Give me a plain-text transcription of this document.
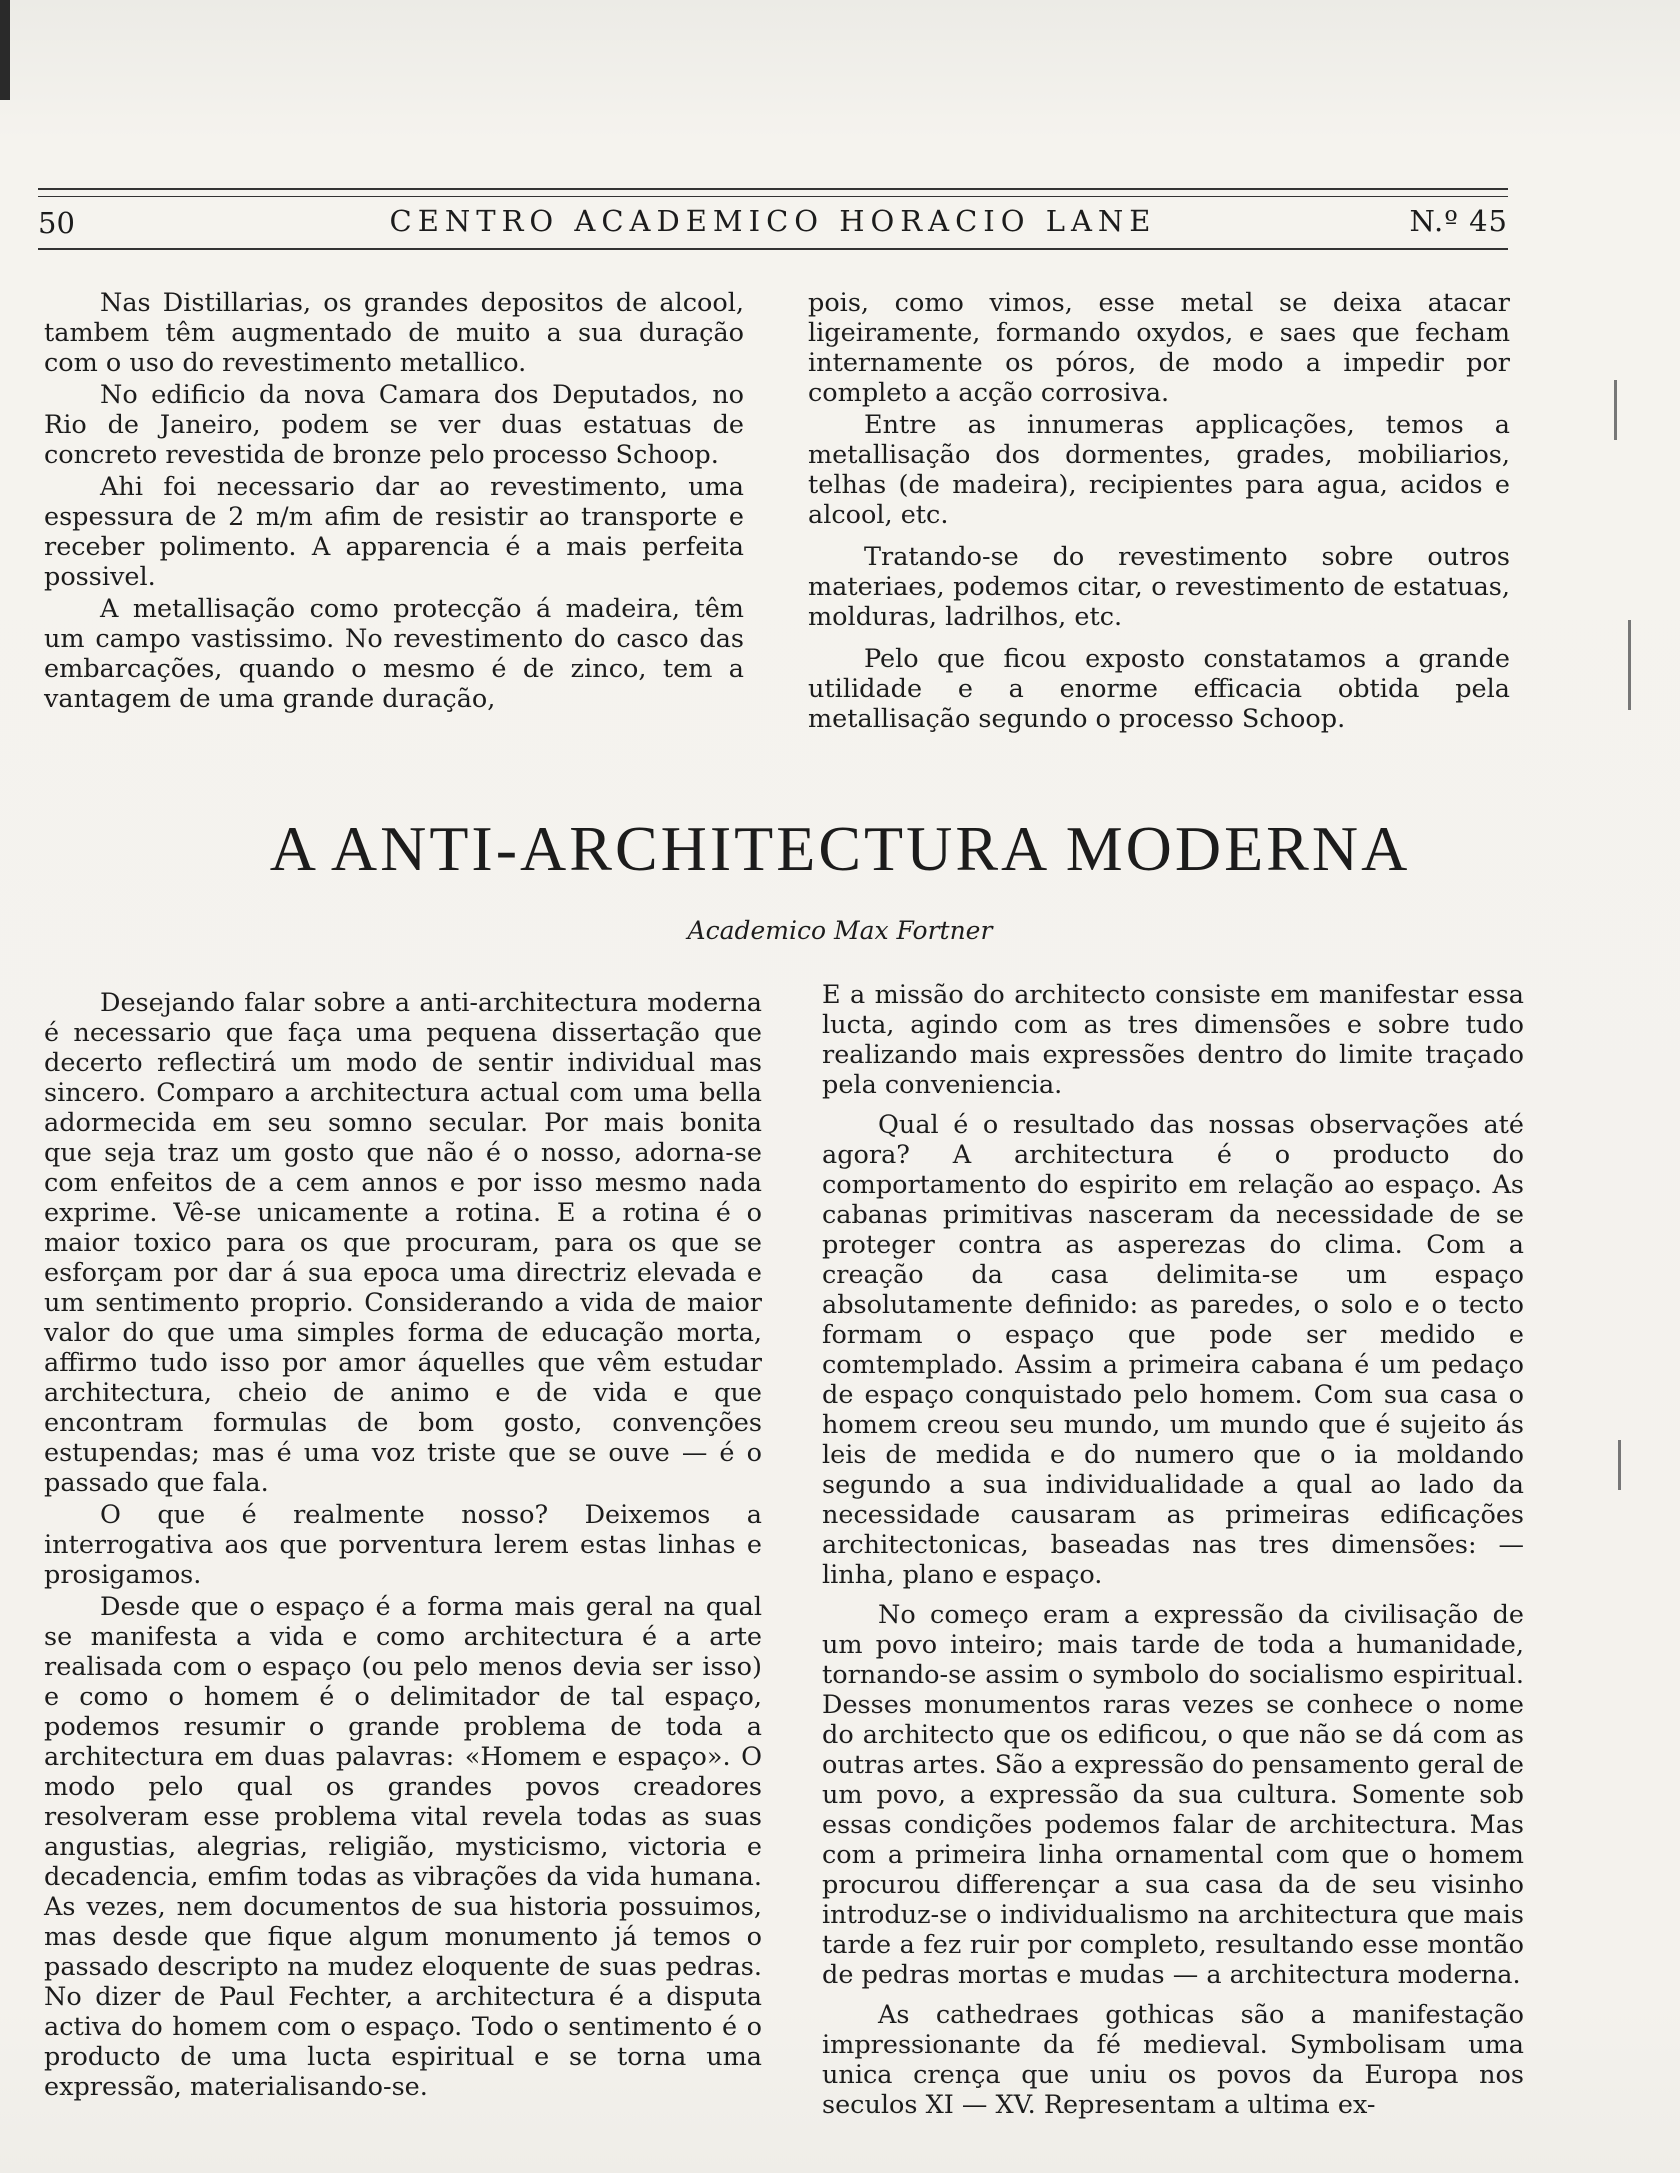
50	CENTRO ACADEMICO HORACIO LANE	N.º 45

Nas Distillarias, os grandes depositos de alcool, tambem têm augmentado de muito a sua duração com o uso do revestimento metallico.

No edificio da nova Camara dos Deputados, no Rio de Janeiro, podem se ver duas estatuas de concreto revestida de bronze pelo processo Schoop.

Ahi foi necessario dar ao revestimento, uma espessura de 2 m/m afim de resistir ao transporte e receber polimento. A apparencia é a mais perfeita possivel.

A metallisação como protecção á madeira, têm um campo vastissimo. No revestimento do casco das embarcações, quando o mesmo é de zinco, tem a vantagem de uma grande duração,

pois, como vimos, esse metal se deixa atacar ligeiramente, formando oxydos, e saes que fecham internamente os póros, de modo a impedir por completo a acção corrosiva.

Entre as innumeras applicações, temos a metallisação dos dormentes, grades, mobiliarios, telhas (de madeira), recipientes para agua, acidos e alcool, etc.

Tratando-se do revestimento sobre outros materiaes, podemos citar, o revestimento de estatuas, molduras, ladrilhos, etc.

Pelo que ficou exposto constatamos a grande utilidade e a enorme efficacia obtida pela metallisação segundo o processo Schoop.

A ANTI-ARCHITECTURA MODERNA
Academico Max Fortner

Desejando falar sobre a anti-architectura moderna é necessario que faça uma pequena dissertação que decerto reflectirá um modo de sentir individual mas sincero. Comparo a architectura actual com uma bella adormecida em seu somno secular. Por mais bonita que seja traz um gosto que não é o nosso, adorna-se com enfeitos de a cem annos e por isso mesmo nada exprime. Vê-se unicamente a rotina. E a rotina é o maior toxico para os que procuram, para os que se esforçam por dar á sua epoca uma directriz elevada e um sentimento proprio. Considerando a vida de maior valor do que uma simples forma de educação morta, affirmo tudo isso por amor áquelles que vêm estudar architectura, cheio de animo e de vida e que encontram formulas de bom gosto, convenções estupendas; mas é uma voz triste que se ouve — é o passado que fala.

O que é realmente nosso? Deixemos a interrogativa aos que porventura lerem estas linhas e prosigamos.

Desde que o espaço é a forma mais geral na qual se manifesta a vida e como architectura é a arte realisada com o espaço (ou pelo menos devia ser isso) e como o homem é o delimitador de tal espaço, podemos resumir o grande problema de toda a architectura em duas palavras: «Homem e espaço». O modo pelo qual os grandes povos creadores resolveram esse problema vital revela todas as suas angustias, alegrias, religião, mysticismo, victoria e decadencia, emfim todas as vibrações da vida humana. As vezes, nem documentos de sua historia possuimos, mas desde que fique algum monumento já temos o passado descripto na mudez eloquente de suas pedras. No dizer de Paul Fechter, a architectura é a disputa activa do homem com o espaço. Todo o sentimento é o producto de uma lucta espiritual e se torna uma expressão, materialisando-se.

E a missão do architecto consiste em manifestar essa lucta, agindo com as tres dimensões e sobre tudo realizando mais expressões dentro do limite traçado pela conveniencia.

Qual é o resultado das nossas observações até agora? A architectura é o producto do comportamento do espirito em relação ao espaço. As cabanas primitivas nasceram da necessidade de se proteger contra as asperezas do clima. Com a creação da casa delimita-se um espaço absolutamente definido: as paredes, o solo e o tecto formam o espaço que pode ser medido e comtemplado. Assim a primeira cabana é um pedaço de espaço conquistado pelo homem. Com sua casa o homem creou seu mundo, um mundo que é sujeito ás leis de medida e do numero que o ia moldando segundo a sua individualidade a qual ao lado da necessidade causaram as primeiras edificações architectonicas, baseadas nas tres dimensões: — linha, plano e espaço.

No começo eram a expressão da civilisação de um povo inteiro; mais tarde de toda a humanidade, tornando-se assim o symbolo do socialismo espiritual. Desses monumentos raras vezes se conhece o nome do architecto que os edificou, o que não se dá com as outras artes. São a expressão do pensamento geral de um povo, a expressão da sua cultura. Somente sob essas condições podemos falar de architectura. Mas com a primeira linha ornamental com que o homem procurou differençar a sua casa da de seu visinho introduz-se o individualismo na architectura que mais tarde a fez ruir por completo, resultando esse montão de pedras mortas e mudas — a architectura moderna.

As cathedraes gothicas são a manifestação impressionante da fé medieval. Symbolisam uma unica crença que uniu os povos da Europa nos seculos XI — XV. Representam a ultima ex-
